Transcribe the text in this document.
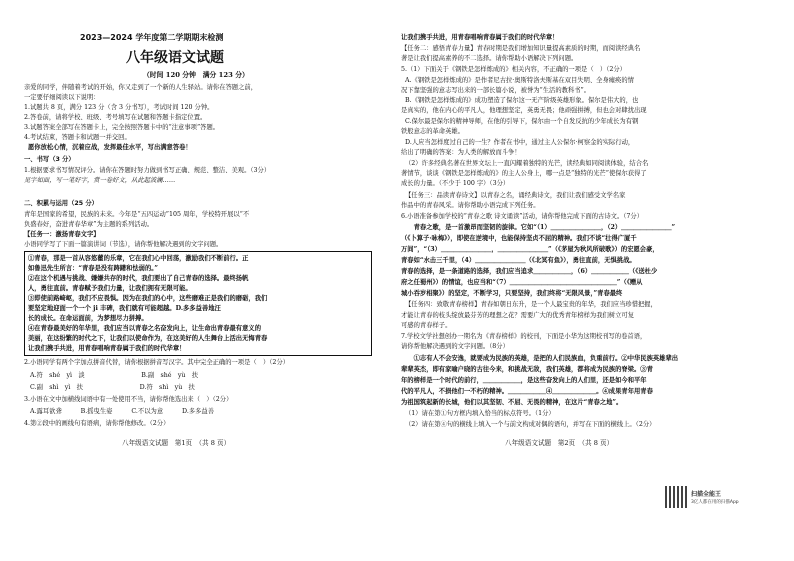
2023—2024 学年度第二学期期末检测
八年级语文试题
（时间 120 分钟　满分 123 分）
亲爱的同学，伴随着考试的开始，你又走到了一个新的人生驿站。请你在答题之前，
一定要仔细阅读以下说明：
1.试题共 8 页，满分 123 分（含 3 分书写），考试时间 120 分钟。
2.答卷前，请将学校、班级、考号填写在试题和答题卡指定位置。
3.试题答案全部写在答题卡上，完全按照答题卡中的“注意事项”答题。
4.考试结束，答题卡和试题一并交回。
愿你放松心情，沉着应战，发挥最佳水平，写出满意答卷！
一、书写（3 分）
1.根据要求书写情况评分。请你在答题时努力做到书写正确、规范、整洁、美观。（3分）
见字如面，写一笔好字，赏一卷好文，从此起波澜……
二、积累与运用（25 分）
青年是国家的希望，民族的未来。今年是“五四运动”105 周年，学校特开展以“不
负盛春好，奋进青春华章”为主题的系列活动。
【任务一：激扬青春文字】
小语同学写了下面一篇演讲词（节选），请你帮他解决遇到的文字问题。
①青春，那是一首从容悠藿的乐章，它在我们心中回荡，激励我们不断前行。正
如鲁迅先生所言：“青春是没有踌躇和怯弱的。”
②在这个机遇与挑战、嫌嫌共存的时代，我们要出了自己青春的选择。最终扬帆
人，勇往直前。青春赋予我们力量，让我们拥有无限可能。
③即使前路崎岖，我们不应畏惧。因为在我们的心中，这些磨难正是我们的磨砺，我们
要坚定地迎面一个一个 ji 丰碑，我们就有可能超越。D.多多益善地汪
长的成长。在命运面前，为梦想尽力拼搏。
④在青春最美好的年华里，我们应当以青春之名奋发向上，让生命出青春最有意义的
美丽，在这纷繁的时代之下，让我们以使命作为，在这美好的人生舞台上活出无悔青春
让我们携手共进，用青春唱响青春属于我们的时代华章！
2.小语同学有两个字加点拼音代替，请你根据拼音写汉字。其中完全正确的一项是（　）（2分）
A.符　shé　yì　淡　　　　　　　　　B.副　shé　yù　扶
C.副　shì　yì　扶　　　　　　　　　D.符　shì　yù　扶
3.小语在文中加横线词语中有一处使用不当，请你帮他选出来（　）（2分）
A.露耳欲聋　　　B.摇曳生姿　　　C.不以为意　　　D.多多益善
4.第②段中的画线句有语病，请你帮他修改。（2分）
八年级语文试题　第1页　（共 8 页）
让我们携手共进，用青春唱响青春属于我们的时代华章！
【任务二：感悟青春力量】青春时期是我们增加知识量提高素质的时期，而阅读经典名
著是让我们提高素养的不二选择。请你帮助小语解决下列问题。
5.（1）下面关于《钢铁是怎样炼成的》相关内容，不正确的一项是（　）（2分）
A.《钢铁是怎样炼成的》是作者尼古拉·奥斯特洛夫斯基在双目失明、全身瘫痪的情
况下靠坚强的意志写出来的一部长篇小说，被誉为“生活的教科书”。
B.《钢铁是怎样炼成的》成功塑造了保尔这一无产阶级英雄形象。保尔是伟大的，也
是真实的，他在内心的平凡人，他理想坚定，英勇无畏；他顽强拼搏，但也会对肆扰出现
C.保尔最是保尔的精神导师，在他的引导下，保尔由一个自发反抗的少年成长为有钢
铁般意志的革命英雄。
D.人应当怎样度过自己的一生？作者在书中，通过主人公保尔·柯察金的实际行动，
给出了明确的答案：为人类的解放而斗争！
（2）许多经典名著在世界文坛上一直闪耀着独特的光芒，读经典如同阅读体验，结合名
著情节，谈谈《钢铁是怎样炼成的》的主人公身上，哪一点是“独特的光芒”使保尔获得了
成长的力量。（不少于 100 字）（3分）
【任务三：品读青春诗文】以青春之名，诵经典诗文，我们让我们感受文学名家
作品中的青春风采。请你帮助小语完成下列任务。
6.小语准备参加学校的“青春之歌 诗文诵读”活动，请你帮他完成下面的古诗文。（7分）
　　青春之歌，是一首激昂而坚韧的旋律。它如“（1）＿＿＿＿＿＿＿＿，（2）＿＿＿＿＿＿＿＿”
（《卜算子·咏梅》），即使在逆境中，也能保持坚贞不屈的精神。我们不谈“壮得广厦千
万间”，“（3）＿＿＿＿＿＿＿＿，＿＿＿＿＿＿＿＿”（《茅屋为秋风所破歌》）的宏愿会豪，
青春如“水击三千里，（4）＿＿＿＿＿＿＿＿（《北冥有鱼》），勇往直前，无惧挑战。
青春的选择，是一条道路的选择，我们应当追求＿＿＿＿＿＿，（6）＿＿＿＿＿＿（《送杜少
府之任蜀州》）的情谊，也应当和“（7）＿＿＿＿＿＿＿＿＿＿＿＿＿＿＿＿＿”（《赠从
城小吞岁相聚》）的坚定，不断学习，只要坚持，我们终将“无限风景，”青春最终
【任务四：致敬青春榜样】青春如朝日东升，是一个人最宝贵的年华，我们应当珍惜把握，
才能让青春的枝头绽放最芬芳的理想之花？需要广大的优秀青年榜样为我们树立可复
可感的青春样子。
7.学校文学社想创办一期名为《青春榜样》的校刊，下面是小华为这期校刊写的卷首语，
请你帮他解决遇到的文字问题。（8分）
　　①志有人不会安逸，就要成为民族的英雄，是把的人们民族血，负重前行。②中华民族英雄辈出
辈辈英杰，即有家喻户晓的古往今来，和挑战无敌，我们英雄，都将成为民族的脊梁。③青
年的榜样是一个时代的前行，＿＿＿＿＿＿，是这些奋发向上的人们里，还是如今和平年
代的平凡人，不损他们一不朽的精神。＿＿＿＿＿＿④＿＿＿＿＿＿＿。④成果青年用青春
为祖国筑起新的长城，他们以其坚韧、不屈、无畏的精神，在这片“青春之地”。
（1）请在第①句方框内填入恰当的标点符号。（1分）
（2）请在第④句的横线上填入一个与前文构成对偶的语句，并写在下面的横线上。（2分）
八年级语文试题　第2页　（共 8 页）
扫描全能王
3亿人都在用的扫描App
